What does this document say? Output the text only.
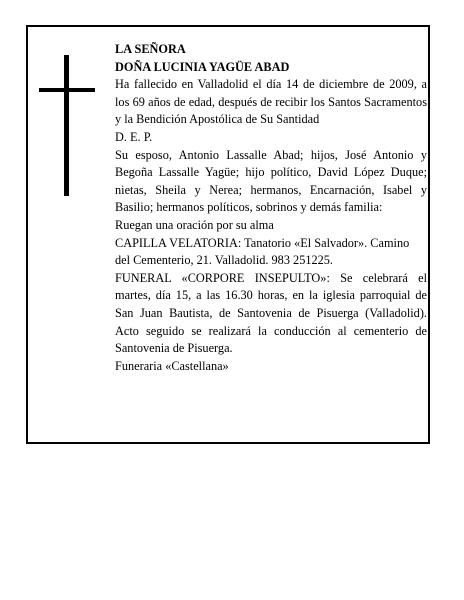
LA SEÑORA

DOÑA LUCINIA YAGÜE ABAD

Ha fallecido en Valladolid el día 14 de diciembre de 2009, a los 69 años de edad, después de recibir los Santos Sacramentos y la Bendición Apostólica de Su Santidad

D. E. P.

Su esposo, Antonio Lassalle Abad; hijos, José Antonio y Begoña Lassalle Yagüe; hijo político, David López Duque; nietas, Sheila y Nerea; hermanos, Encarnación, Isabel y Basilio; hermanos políticos, sobrinos y demás familia:

Ruegan una oración por su alma

CAPILLA VELATORIA: Tanatorio «El Salvador». Camino del Cementerio, 21. Valladolid. 983 251225.

FUNERAL «CORPORE INSEPULTO»: Se celebrará el martes, día 15, a las 16.30 horas, en la iglesia parroquial de San Juan Bautista, de Santovenia de Pisuerga (Valladolid). Acto seguido se realizará la conducción al cementerio de Santovenia de Pisuerga.

Funeraria «Castellana»
